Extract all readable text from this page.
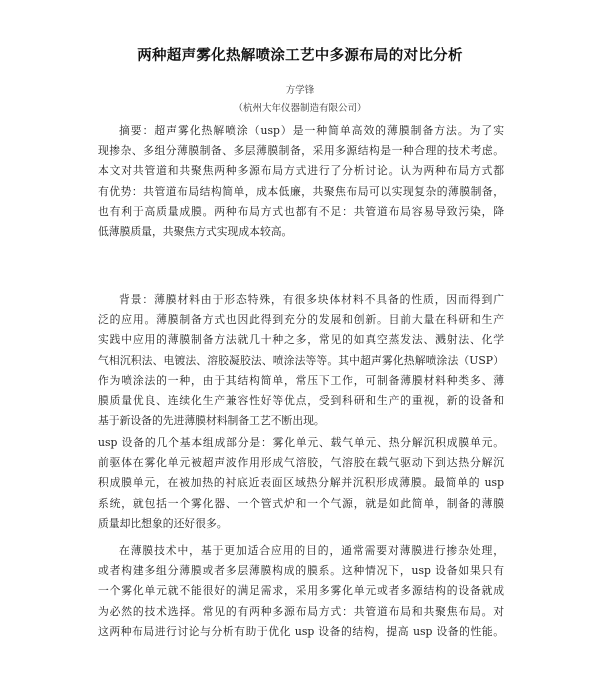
两种超声雾化热解喷涂工艺中多源布局的对比分析
方学锋
（杭州大年仪器制造有限公司）
摘要：超声雾化热解喷涂（usp）是一种简单高效的薄膜制备方法。为了实
现掺杂、多组分薄膜制备、多层薄膜制备，采用多源结构是一种合理的技术考虑。
本文对共管道和共聚焦两种多源布局方式进行了分析讨论。认为两种布局方式都
有优势：共管道布局结构简单，成本低廉，共聚焦布局可以实现复杂的薄膜制备，
也有利于高质量成膜。两种布局方式也都有不足：共管道布局容易导致污染，降
低薄膜质量，共聚焦方式实现成本较高。
背景：薄膜材料由于形态特殊，有很多块体材料不具备的性质，因而得到广
泛的应用。薄膜制备方式也因此得到充分的发展和创新。目前大量在科研和生产
实践中应用的薄膜制备方法就几十种之多，常见的如真空蒸发法、溅射法、化学
气相沉积法、电镀法、溶胶凝胶法、喷涂法等等。其中超声雾化热解喷涂法（USP）
作为喷涂法的一种，由于其结构简单，常压下工作，可制备薄膜材料种类多、薄
膜质量优良、连续化生产兼容性好等优点，受到科研和生产的重视，新的设备和
基于新设备的先进薄膜材料制备工艺不断出现。
usp 设备的几个基本组成部分是：雾化单元、载气单元、热分解沉积成膜单元。
前驱体在雾化单元被超声波作用形成气溶胶，气溶胶在载气驱动下到达热分解沉
积成膜单元，在被加热的衬底近表面区域热分解并沉积形成薄膜。最简单的 usp
系统，就包括一个雾化器、一个管式炉和一个气源，就是如此简单，制备的薄膜
质量却比想象的还好很多。
在薄膜技术中，基于更加适合应用的目的，通常需要对薄膜进行掺杂处理，
或者构建多组分薄膜或者多层薄膜构成的膜系。这种情况下，usp 设备如果只有
一个雾化单元就不能很好的满足需求，采用多雾化单元或者多源结构的设备就成
为必然的技术选择。常见的有两种多源布局方式：共管道布局和共聚焦布局。对
这两种布局进行讨论与分析有助于优化 usp 设备的结构，提高 usp 设备的性能。
